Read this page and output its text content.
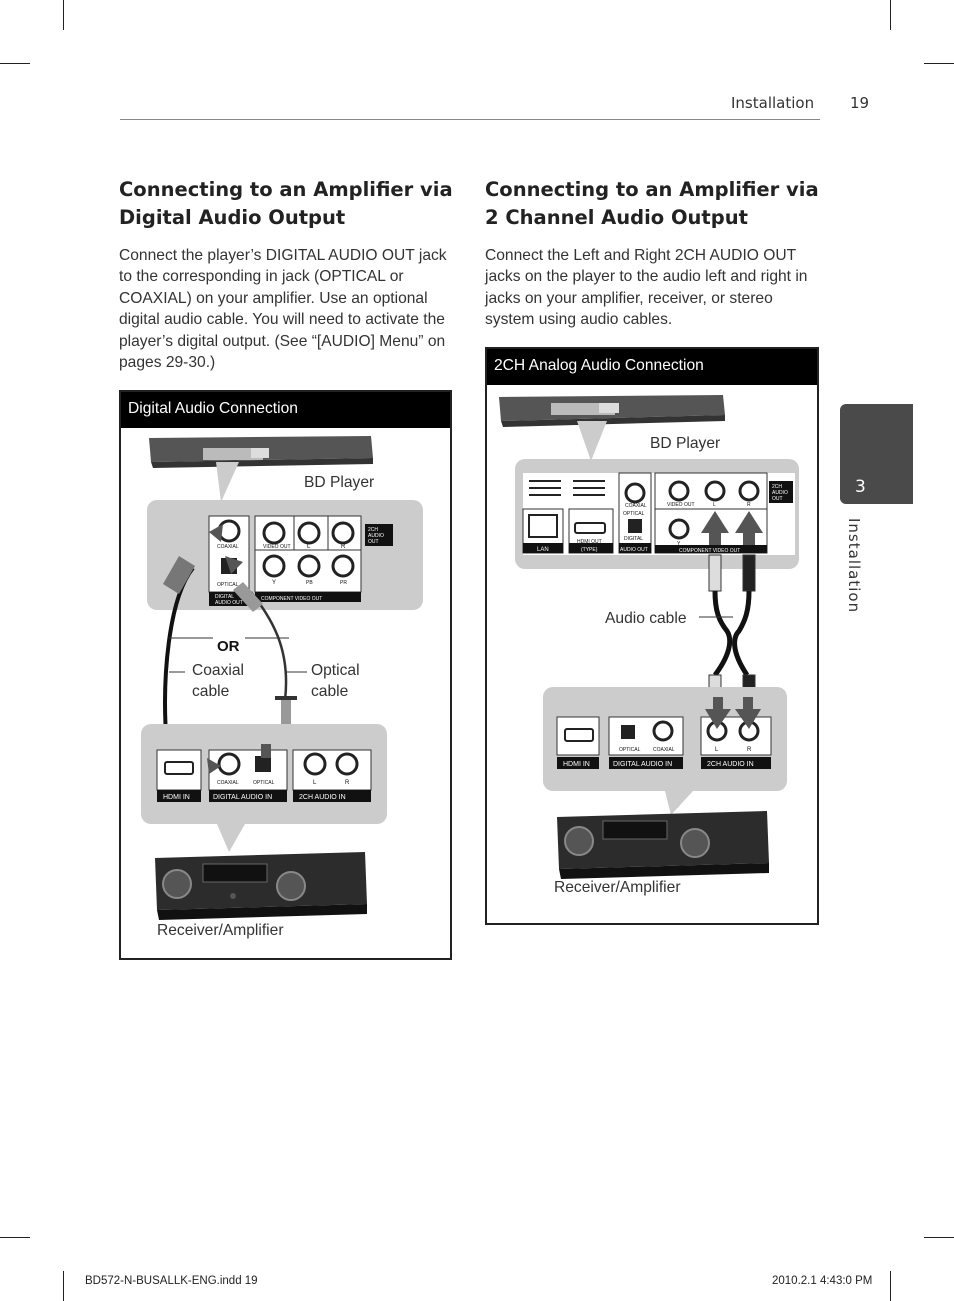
Installation 19
3
Installation
Connecting to an Amplifier via
Digital Audio Output
Connect the player’s DIGITAL AUDIO OUT jack to the corresponding in jack (OPTICAL or COAXIAL) on your amplifier. Use an optional digital audio cable. You will need to activate the player’s digital output. (See “[AUDIO] Menu” on pages 29-30.)
Digital Audio Connection
COAXIAL
OPTICAL
DIGITAL
AUDIO OUT
VIDEO OUT	L	R
Y	PB	PR
COMPONENT VIDEO OUT
2CH
AUDIO
OUT
HDMI IN	DIGITAL AUDIO IN	2CH AUDIO IN
COAXIAL	OPTICAL	L	R
BD Player
OR
Coaxial
cable
Optical
cable
Receiver/Amplifier
Connecting to an Amplifier via
2 Channel Audio Output
Connect the Left and Right 2CH AUDIO OUT jacks on the player to the audio left and right in jacks on your amplifier, receiver, or stereo system using audio cables.
2CH Analog Audio Connection
LAN
HDMI OUT
(TYPE)
COAXIAL
OPTICAL
DIGITAL
AUDIO OUT
VIDEO OUT	L	R
Y
COMPONENT VIDEO OUT
2CH
AUDIO
OUT
HDMI IN	DIGITAL AUDIO IN	2CH AUDIO IN
OPTICAL	COAXIAL	L	R
BD Player
Audio cable
Receiver/Amplifier
BD572-N-BUSALLK-ENG.indd 19	2010.2.1 4:43:0 PM
